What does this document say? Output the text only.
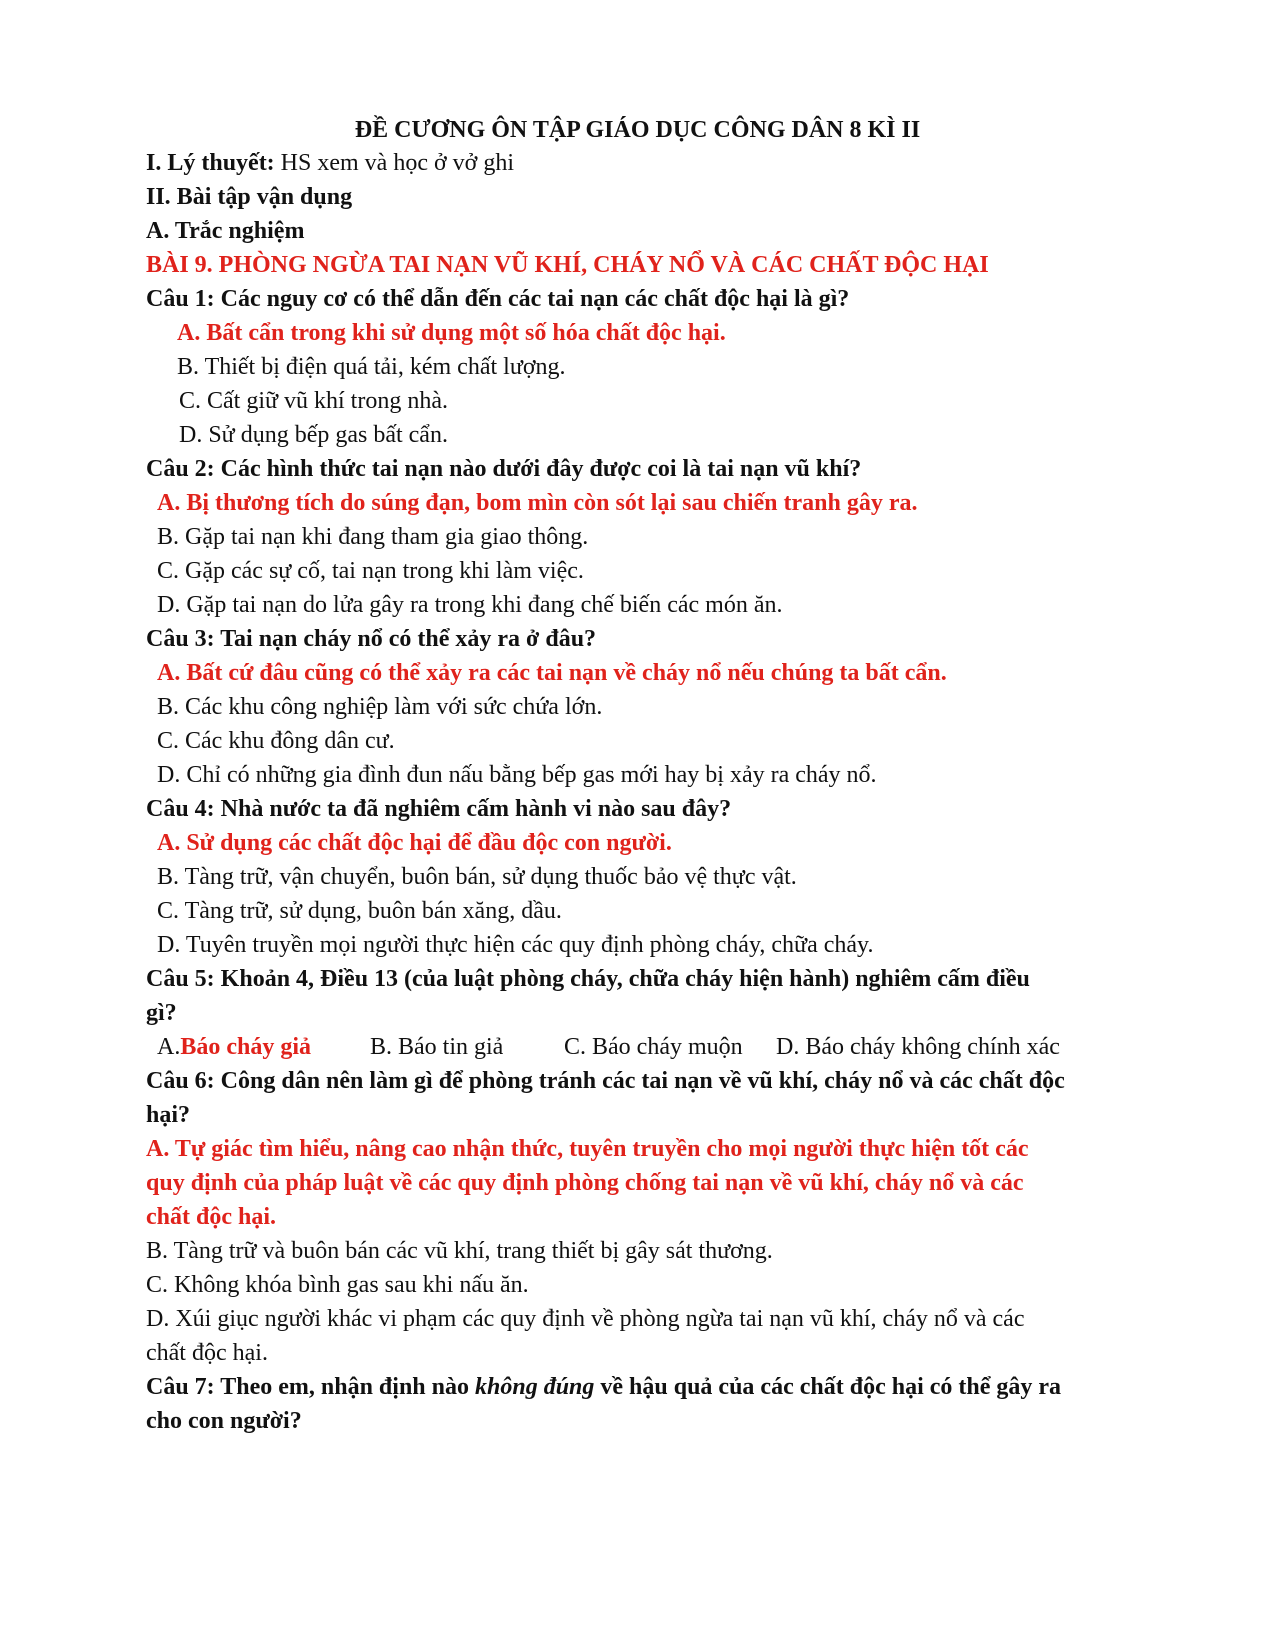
ĐỀ CƯƠNG ÔN TẬP GIÁO DỤC CÔNG DÂN 8 KÌ II
I. Lý thuyết: HS xem và học ở vở ghi
II. Bài tập vận dụng
A. Trắc nghiệm
BÀI 9. PHÒNG NGỪA TAI NẠN VŨ KHÍ, CHÁY NỔ VÀ CÁC CHẤT ĐỘC HẠI
Câu 1: Các nguy cơ có thể dẫn đến các tai nạn các chất độc hại là gì?
A. Bất cẩn trong khi sử dụng một số hóa chất độc hại.
B. Thiết bị điện quá tải, kém chất lượng.
C. Cất giữ vũ khí trong nhà.
D. Sử dụng bếp gas bất cẩn.
Câu 2: Các hình thức tai nạn nào dưới đây được coi là tai nạn vũ khí?
A. Bị thương tích do súng đạn, bom mìn còn sót lại sau chiến tranh gây ra.
B. Gặp tai nạn khi đang tham gia giao thông.
C. Gặp các sự cố, tai nạn trong khi làm việc.
D. Gặp tai nạn do lửa gây ra trong khi đang chế biến các món ăn.
Câu 3: Tai nạn cháy nổ có thể xảy ra ở đâu?
A. Bất cứ đâu cũng có thể xảy ra các tai nạn về cháy nổ nếu chúng ta bất cẩn.
B. Các khu công nghiệp làm với sức chứa lớn.
C. Các khu đông dân cư.
D. Chỉ có những gia đình đun nấu bằng bếp gas mới hay bị xảy ra cháy nổ.
Câu 4: Nhà nước ta đã nghiêm cấm hành vi nào sau đây?
A. Sử dụng các chất độc hại để đầu độc con người.
B. Tàng trữ, vận chuyển, buôn bán, sử dụng thuốc bảo vệ thực vật.
C. Tàng trữ, sử dụng, buôn bán xăng, dầu.
D. Tuyên truyền mọi người thực hiện các quy định phòng cháy, chữa cháy.
Câu 5: Khoản 4, Điều 13 (của luật phòng cháy, chữa cháy hiện hành) nghiêm cấm điều
gì?
A.Báo cháy giả B. Báo tin giả	C. Báo cháy muộn D. Báo cháy không chính xác
Câu 6: Công dân nên làm gì để phòng tránh các tai nạn về vũ khí, cháy nổ và các chất độc
hại?
A. Tự giác tìm hiểu, nâng cao nhận thức, tuyên truyền cho mọi người thực hiện tốt các
quy định của pháp luật về các quy định phòng chống tai nạn về vũ khí, cháy nổ và các
chất độc hại.
B. Tàng trữ và buôn bán các vũ khí, trang thiết bị gây sát thương.
C. Không khóa bình gas sau khi nấu ăn.
D. Xúi giục người khác vi phạm các quy định về phòng ngừa tai nạn vũ khí, cháy nổ và các
chất độc hại.
Câu 7: Theo em, nhận định nào không đúng về hậu quả của các chất độc hại có thể gây ra
cho con người?
